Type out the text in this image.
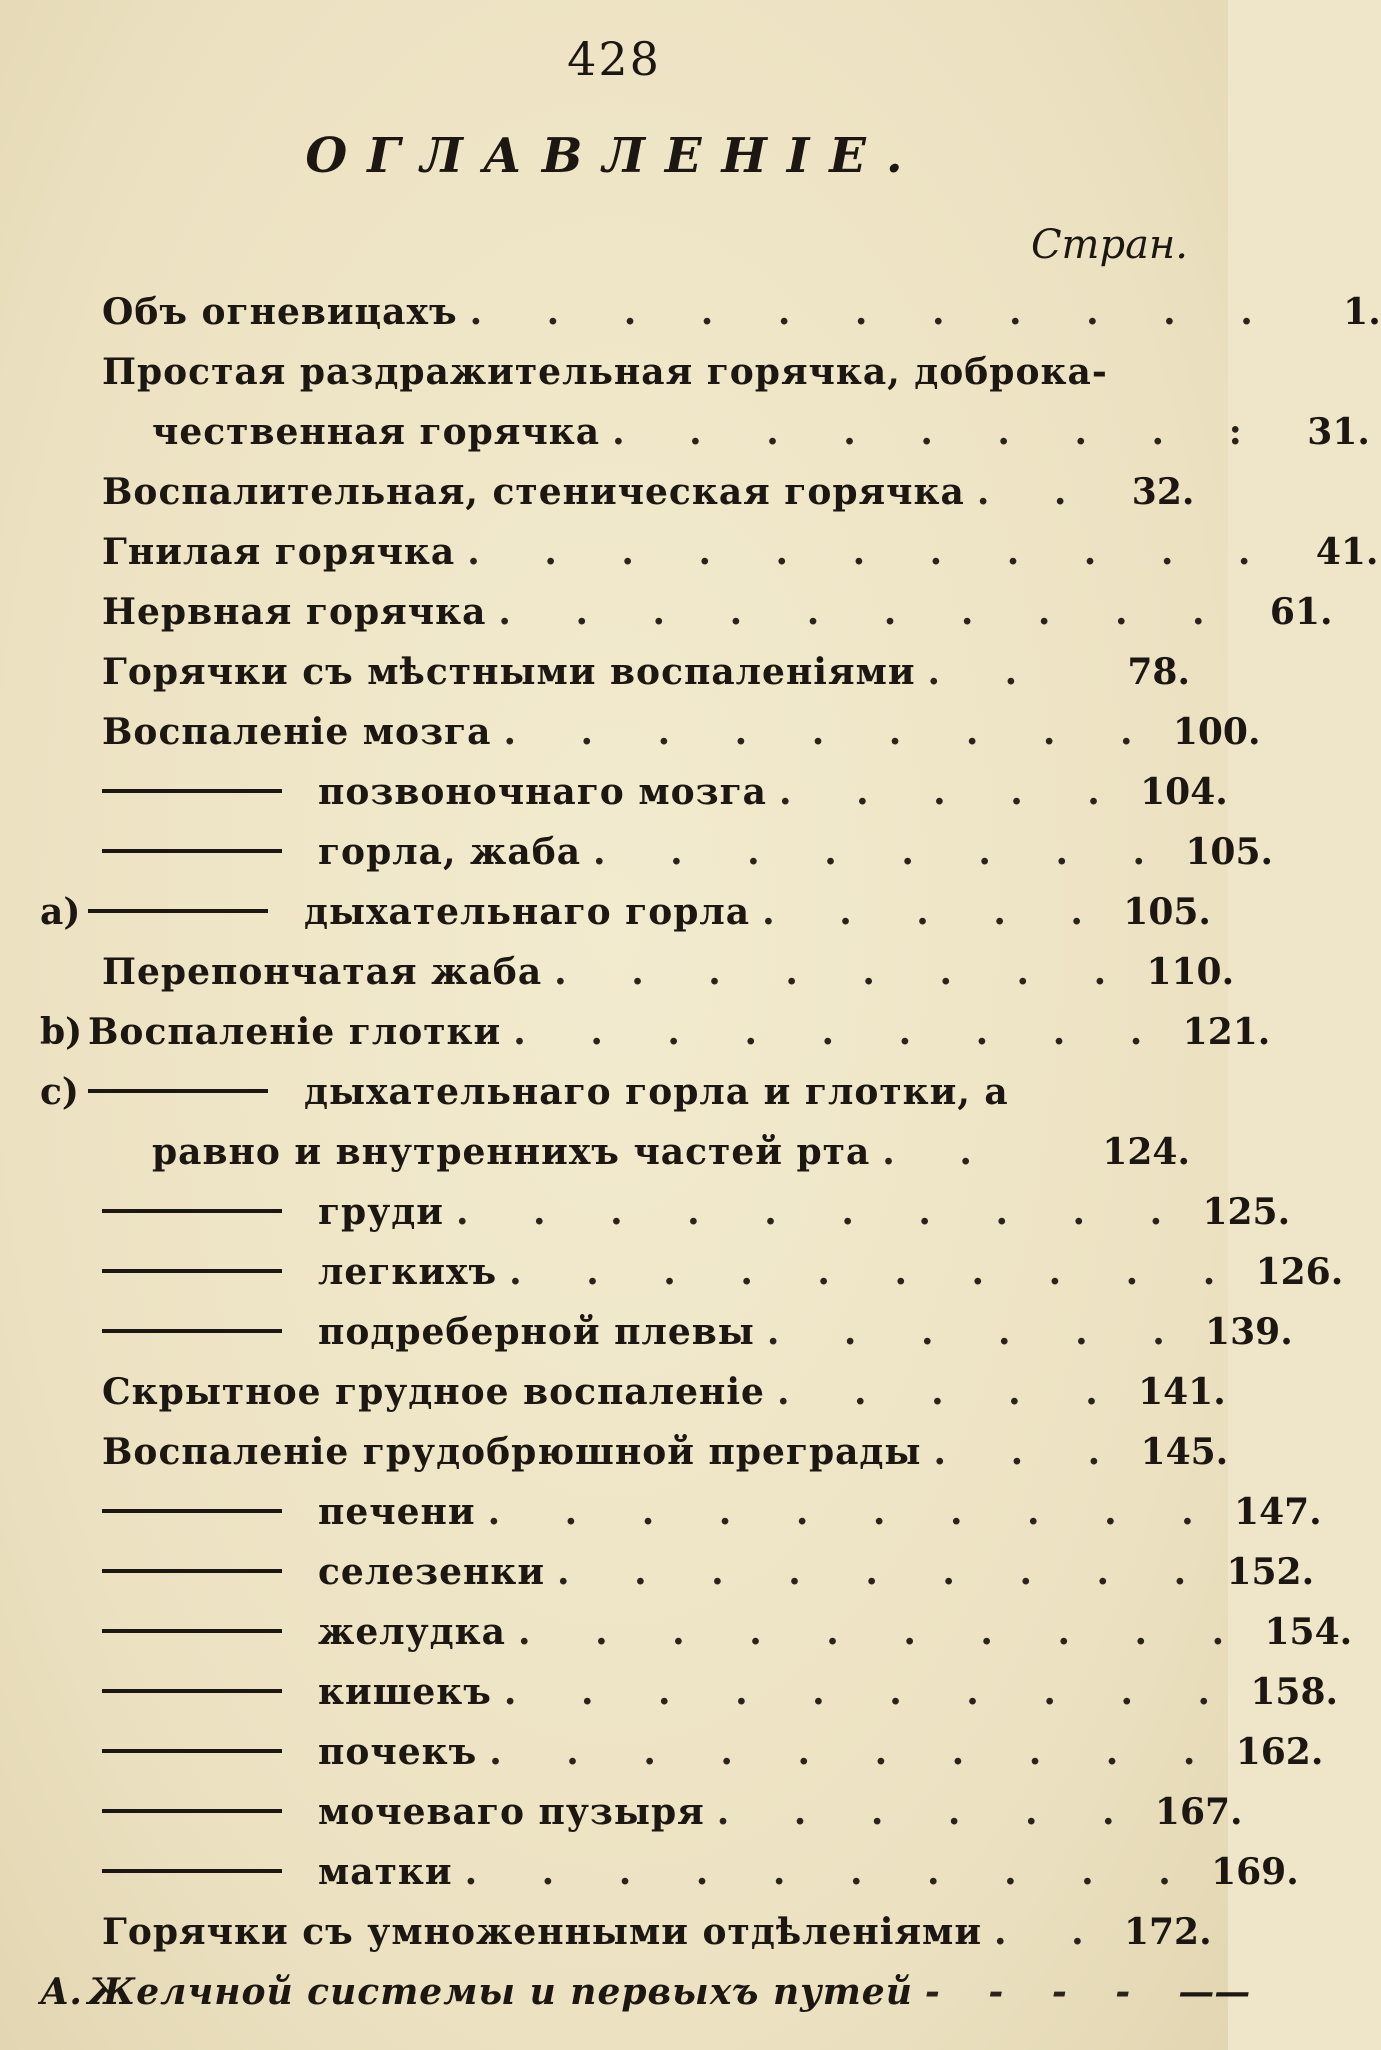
428
ОГЛАВЛЕНІЕ.
Стран.
Объ огневицахъ . . . . . . . . . . .	1.
Простая раздражительная горячка, доброка-
чественная горячка . . . . . . . . :	31.
Воспалительная, стеническая горячка . .	32.
Гнилая горячка . . . . . . . . . . .	41.
Нервная горячка . . . . . . . . . .	61.
Горячки съ мѣстными воспаленіями . .	78.
Воспаленіе мозга . . . . . . . . . 100.
позвоночнаго мозга . . . . . 104.
горла, жаба . . . . . . . . 105.
a)	дыхательнаго горла . . . . . 105.
Перепончатая жаба . . . . . . . . 110.
b) Воспаленіе глотки . . . . . . . . . 121.
c)	дыхательнаго горла и глотки, а
равно и внутреннихъ частей рта . .	124.
груди . . . . . . . . . . 125.
легкихъ . . . . . . . . . . 126.
подреберной плевы . . . . . . 139.
Скрытное грудное воспаленіе . . . . . 141.
Воспаленіе грудобрюшной преграды . . . 145.
печени . . . . . . . . . . 147.
селезенки . . . . . . . . . 152.
желудка . . . . . . . . . . 154.
кишекъ . . . . . . . . . . 158.
почекъ . . . . . . . . . . 162.
мочеваго пузыря . . . . . . 167.
матки . . . . . . . . . . 169.
Горячки съ умноженными отдѣленіями . . 172.
А. Желчной системы и первыхъ путей - - - - ——
